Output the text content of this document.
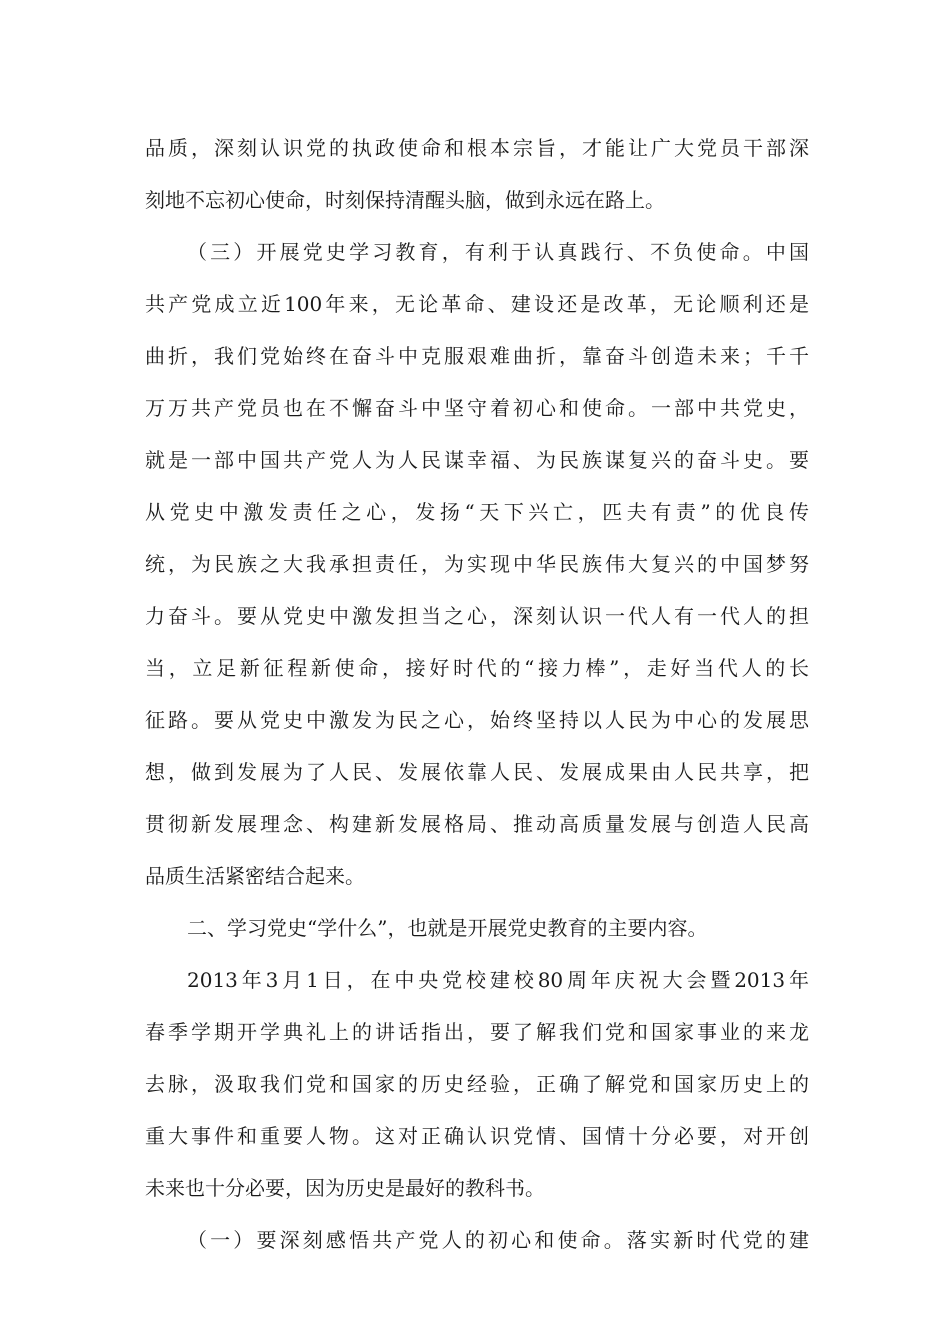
品质，深刻认识党的执政使命和根本宗旨，才能让广大党员干部深
刻地不忘初心使命，时刻保持清醒头脑，做到永远在路上。
（三）开展党史学习教育，有利于认真践行、不负使命。中国
共产党成立近100年来，无论革命、建设还是改革，无论顺利还是
曲折，我们党始终在奋斗中克服艰难曲折，靠奋斗创造未来；千千
万万共产党员也在不懈奋斗中坚守着初心和使命。一部中共党史，
就是一部中国共产党人为人民谋幸福、为民族谋复兴的奋斗史。要
从党史中激发责任之心，发扬“天下兴亡，匹夫有责”的优良传
统，为民族之大我承担责任，为实现中华民族伟大复兴的中国梦努
力奋斗。要从党史中激发担当之心，深刻认识一代人有一代人的担
当，立足新征程新使命，接好时代的“接力棒”，走好当代人的长
征路。要从党史中激发为民之心，始终坚持以人民为中心的发展思
想，做到发展为了人民、发展依靠人民、发展成果由人民共享，把
贯彻新发展理念、构建新发展格局、推动高质量发展与创造人民高
品质生活紧密结合起来。
二、学习党史“学什么”，也就是开展党史教育的主要内容。
2013年3月1日，在中央党校建校80周年庆祝大会暨2013年
春季学期开学典礼上的讲话指出，要了解我们党和国家事业的来龙
去脉，汲取我们党和国家的历史经验，正确了解党和国家历史上的
重大事件和重要人物。这对正确认识党情、国情十分必要，对开创
未来也十分必要，因为历史是最好的教科书。
（一）要深刻感悟共产党人的初心和使命。落实新时代党的建
